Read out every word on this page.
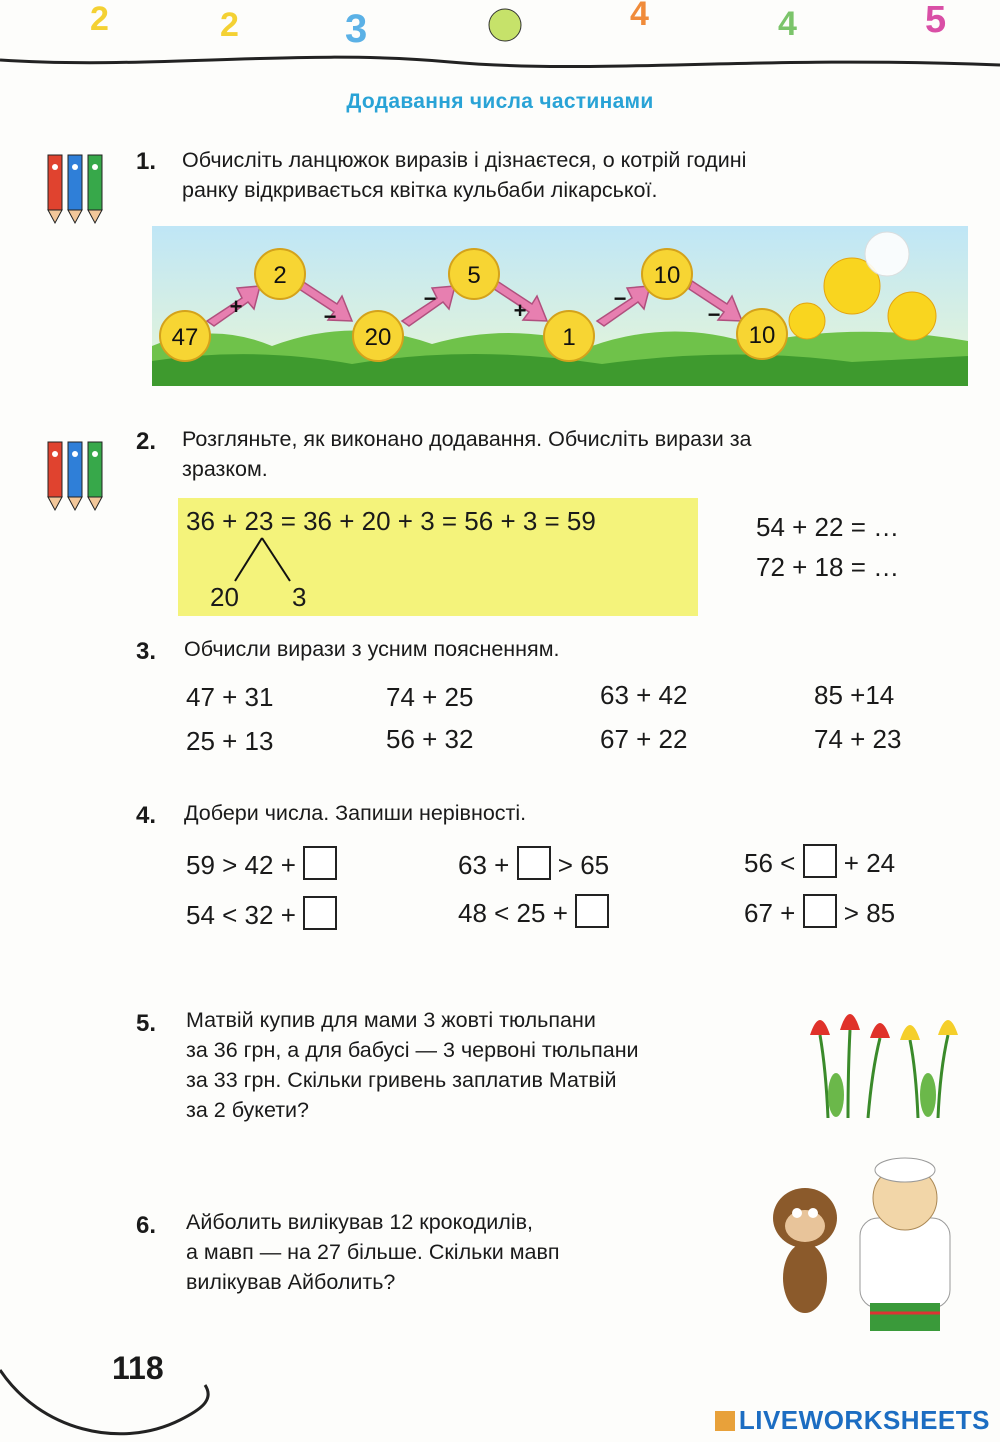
2	2	3	4	4	5
Додавання числа частинами
1. Обчисліть ланцюжок виразів і дізнаєтеся, о котрій годині
ранку відкривається квітка кульбаби лікарської.
47
2
20
5
1
10
10
+	−
−	+	−
−
2. Розгляньте, як виконано додавання. Обчисліть вирази за
зразком.
36 + 23 = 36 + 20 + 3 = 56 + 3 = 59
20 3
54 + 22 = …
72 + 18 = …
3. Обчисли вирази з усним поясненням.
47 + 31	74 + 25	63 + 42	85 +14
25 + 13	56 + 32	67 + 22	74 + 23
4. Добери числа. Запиши нерівності.
59 > 42 +	63 + > 65	56 < + 24
54 < 32 +	48 < 25 +	67 + > 85
5. Матвій купив для мами 3 жовті тюльпани
за 36 грн, а для бабусі — 3 червоні тюльпани
за 33 грн. Скільки гривень заплатив Матвій
за 2 букети?
6. Айболить вилікував 12 крокодилів,
а мавп — на 27 більше. Скільки мавп
вилікував Айболить?
118
LIVEWORKSHEETS
